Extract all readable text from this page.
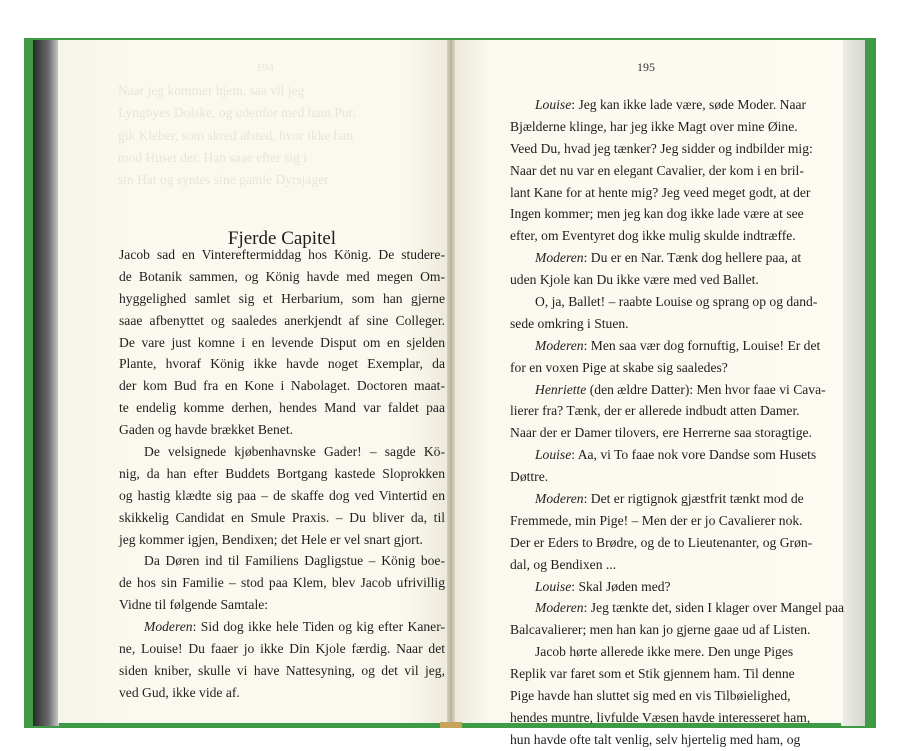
194
Naar jeg kommer hjem, saa vil jeg
Lyngbyes Dolske, og udenfor med ham Pur,
gik Kleber, som skred afsted, hvor ikke han
mod Huset der. Han saae efter sig i
sin Hat og syntes sine gamle Dyrsjager
Fjerde Capitel
Jacob sad en Vintereftermiddag hos König. De studere-
de Botanik sammen, og König havde med megen Om-
hyggelighed samlet sig et Herbarium, som han gjerne
saae afbenyttet og saaledes anerkjendt af sine Colleger.
De vare just komne i en levende Disput om en sjelden
Plante, hvoraf König ikke havde noget Exemplar, da
der kom Bud fra en Kone i Nabolaget. Doctoren maat-
te endelig komme derhen, hendes Mand var faldet paa
Gaden og havde brækket Benet.
De velsignede kjøbenhavnske Gader! – sagde Kö-
nig, da han efter Buddets Bortgang kastede Sloprokken
og hastig klædte sig paa – de skaffe dog ved Vintertid en
skikkelig Candidat en Smule Praxis. – Du bliver da, til
jeg kommer igjen, Bendixen; det Hele er vel snart gjort.
Da Døren ind til Familiens Dagligstue – König boe-
de hos sin Familie – stod paa Klem, blev Jacob ufrivillig
Vidne til følgende Samtale:
Moderen: Sid dog ikke hele Tiden og kig efter Kaner-
ne, Louise! Du faaer jo ikke Din Kjole færdig. Naar det
siden kniber, skulle vi have Nattesyning, og det vil jeg,
ved Gud, ikke vide af.
195
Louise: Jeg kan ikke lade være, søde Moder. Naar
Bjælderne klinge, har jeg ikke Magt over mine Øine.
Veed Du, hvad jeg tænker? Jeg sidder og indbilder mig:
Naar det nu var en elegant Cavalier, der kom i en bril-
lant Kane for at hente mig? Jeg veed meget godt, at der
Ingen kommer; men jeg kan dog ikke lade være at see
efter, om Eventyret dog ikke mulig skulde indtræffe.
Moderen: Du er en Nar. Tænk dog hellere paa, at
uden Kjole kan Du ikke være med ved Ballet.
O, ja, Ballet! – raabte Louise og sprang op og dand-
sede omkring i Stuen.
Moderen: Men saa vær dog fornuftig, Louise! Er det
for en voxen Pige at skabe sig saaledes?
Henriette (den ældre Datter): Men hvor faae vi Cava-
lierer fra? Tænk, der er allerede indbudt atten Damer.
Naar der er Damer tilovers, ere Herrerne saa storagtige.
Louise: Aa, vi To faae nok vore Dandse som Husets
Døttre.
Moderen: Det er rigtignok gjæstfrit tænkt mod de
Fremmede, min Pige! – Men der er jo Cavalierer nok.
Der er Eders to Brødre, og de to Lieutenanter, og Grøn-
dal, og Bendixen ...
Louise: Skal Jøden med?
Moderen: Jeg tænkte det, siden I klager over Mangel paa
Balcavalierer; men han kan jo gjerne gaae ud af Listen.
Jacob hørte allerede ikke mere. Den unge Piges
Replik var faret som et Stik gjennem ham. Til denne
Pige havde han sluttet sig med en vis Tilbøielighed,
hendes muntre, livfulde Væsen havde interesseret ham,
hun havde ofte talt venlig, selv hjertelig med ham, og
